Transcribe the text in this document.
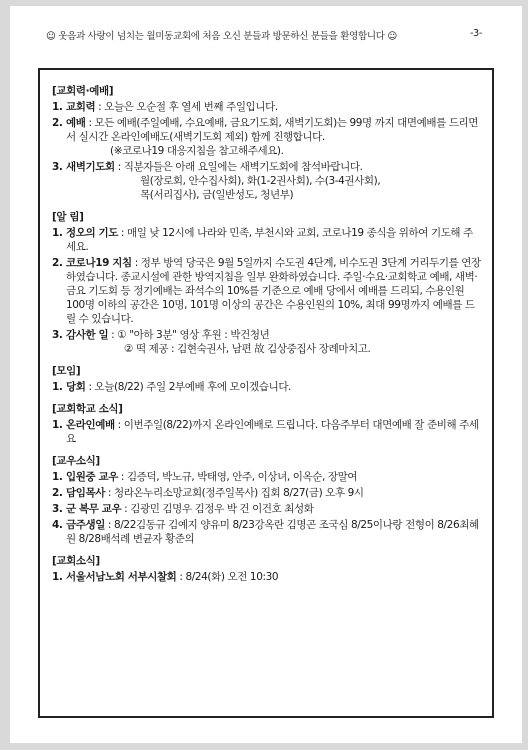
☺ 웃음과 사랑이 넘치는 월미동교회에 처음 오신 분들과 방문하신 분들을 환영합니다 ☺	-3-
[교회력·예배]
1. 교회력 : 오늘은 오순절 후 열세 번째 주일입니다.
2. 예배 : 모든 예배(주일예배, 수요예배, 금요기도회, 새벽기도회)는 99명 까지 대면예배를 드리면서 실시간 온라인예배도(새벽기도회 제외) 함께 진행합니다.
(※코로나19 대응지침을 참고해주세요).
3. 새벽기도회 : 직분자들은 아래 요일에는 새벽기도회에 참석바랍니다.
월(장로회, 안수집사회), 화(1-2권사회), 수(3-4권사회),
목(서리집사), 금(일반성도, 청년부)
[알 림]
1. 정오의 기도 : 매일 낮 12시에 나라와 민족, 부천시와 교회, 코로나19 종식을 위하여 기도해 주세요.
2. 코로나19 지침 : 정부 방역 당국은 9월 5일까지 수도권 4단계, 비수도권 3단계 거리두기를 연장하였습니다. 종교시설에 관한 방역지침을 일부 완화하였습니다. 주일·수요·교회학교 예배, 새벽·금요 기도회 등 정기예배는 좌석수의 10%를 기준으로 예배 당에서 예배를 드리되, 수용인원 100명 이하의 공간은 10명, 101명 이상의 공간은 수용인원의 10%, 최대 99명까지 예배를 드릴 수 있습니다.
3. 감사한 일 : ① "아하 3분" 영상 후원 : 박건청년
② 떡 제공 : 김현숙권사, 남편 故 김상중집사 장례마치고.
[모임]
1. 당회 : 오늘(8/22) 주일 2부예배 후에 모이겠습니다.
[교회학교 소식]
1. 온라인예배 : 이번주일(8/22)까지 온라인예배로 드립니다. 다음주부터 대면예배 잘 준비해 주세요
[교우소식]
1. 입원중 교우 : 김증덕, 박노규, 박태영, 안주, 이상녀, 이옥순, 장말여
2. 담임목사 : 청라온누리소망교회(정주일목사) 집회 8/27(금) 오후 9시
3. 군 복무 교우 : 김광민 김명우 김정우 박 건 이건호 최성화
4. 금주생일 : 8/22김동규 김예지 양유미 8/23강옥란 김명곤 조국심 8/25이나랑 전형이 8/26최혜원 8/28배석례 변균자 황준의
[교회소식]
1. 서울서남노회 서부시찰회 : 8/24(화) 오전 10:30
